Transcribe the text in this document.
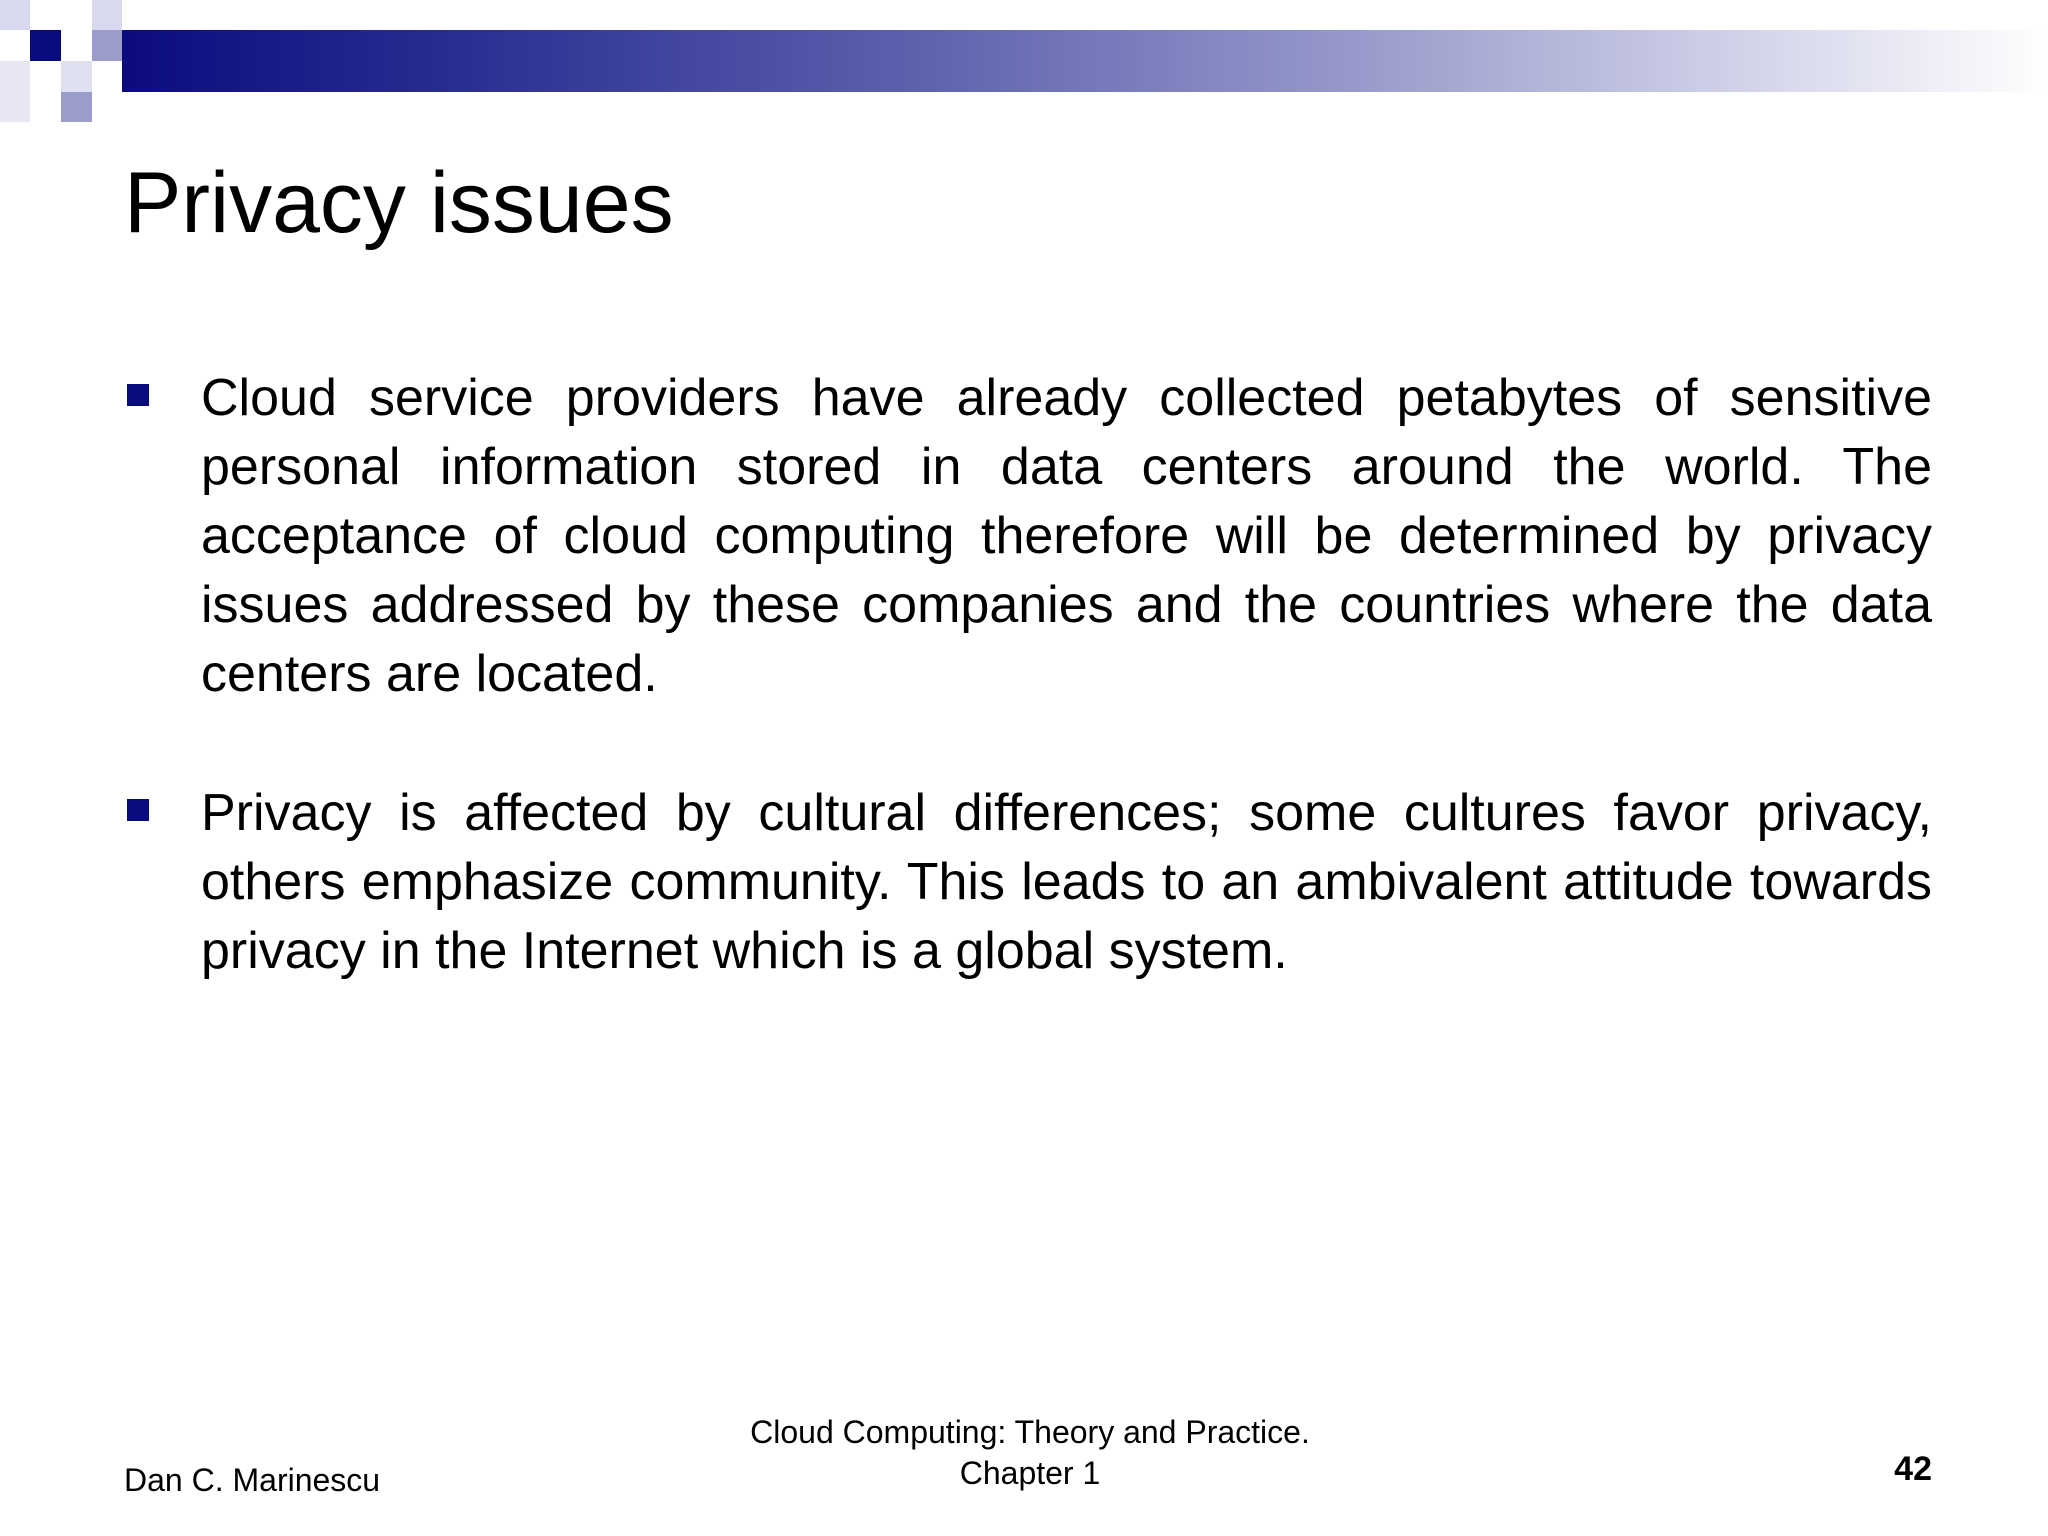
Privacy issues
Cloud service providers have already collected petabytes of sensitive personal information stored in data centers around the world. The acceptance of cloud computing therefore will be determined by privacy issues addressed by these companies and the countries where the data centers are located.
Privacy is affected by cultural differences; some cultures favor privacy, others emphasize community. This leads to an ambivalent attitude towards privacy in the Internet which is a global system.
Dan C. Marinescu
Cloud Computing: Theory and Practice.
Chapter 1	42
